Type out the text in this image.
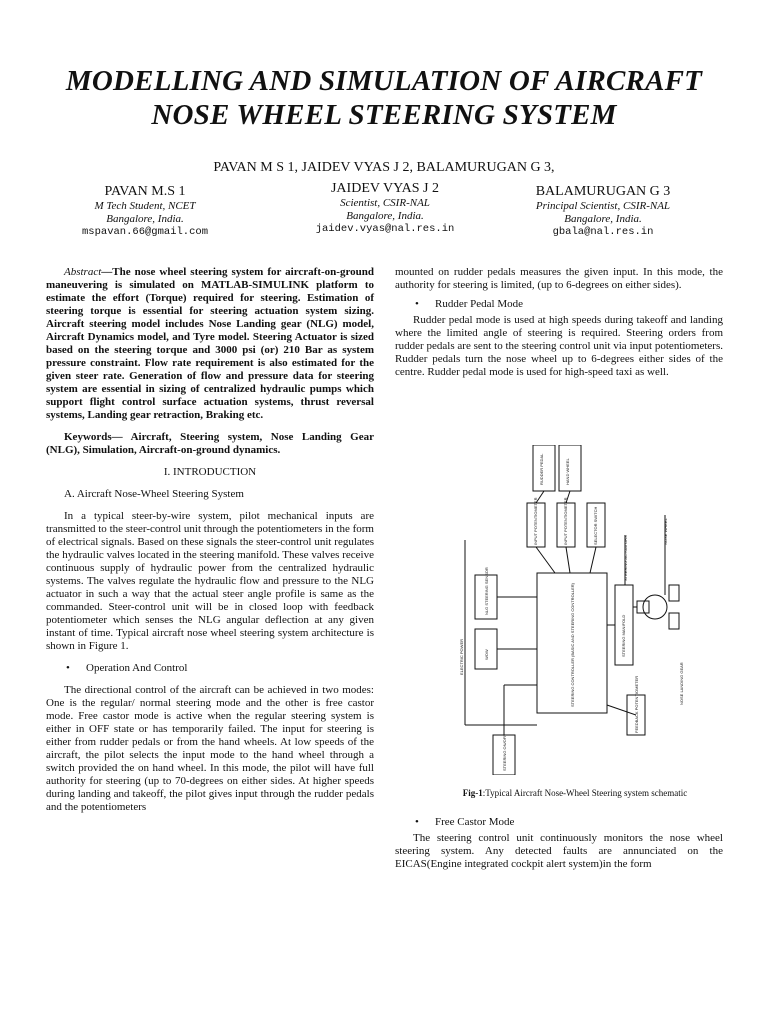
MODELLING AND SIMULATION OF AIRCRAFT
NOSE WHEEL STEERING SYSTEM
PAVAN M S 1, JAIDEV VYAS J 2, BALAMURUGAN G 3,
PAVAN M.S 1
M Tech Student, NCET
Bangalore, India.
mspavan.66@gmail.com
JAIDEV VYAS J 2
Scientist, CSIR-NAL
Bangalore, India.
jaidev.vyas@nal.res.in
BALAMURUGAN G 3
Principal Scientist, CSIR-NAL
Bangalore, India.
gbala@nal.res.in

Abstract—The nose wheel steering system for aircraft-on-ground maneuvering is simulated on MATLAB-SIMULINK platform to estimate the effort (Torque) required for steering. Estimation of steering torque is essential for steering actuation system sizing. Aircraft steering model includes Nose Landing gear (NLG) model, Aircraft Dynamics model, and Tyre model. Steering Actuator is sized based on the steering torque and 3000 psi (or) 210 Bar as system pressure constraint. Flow rate requirement is also estimated for the given steer rate. Generation of flow and pressure data for steering system are essential in sizing of centralized hydraulic pumps which support flight control surface actuation systems, thrust reversal systems, Landing gear retraction, Braking etc.

Keywords— Aircraft, Steering system, Nose Landing Gear (NLG), Simulation, Aircraft-on-ground dynamics.

I. INTRODUCTION

A. Aircraft Nose-Wheel Steering System

In a typical steer-by-wire system, pilot mechanical inputs are transmitted to the steer-control unit through the potentiometers in the form of electrical signals. Based on these signals the steer-control unit regulates the hydraulic valves located in the steering manifold. These valves receive continuous supply of hydraulic power from the centralized hydraulic systems. The valves regulate the hydraulic flow and pressure to the NLG actuator in such a way that the actual steer angle profile is same as the commanded. Steer-control unit will be in closed loop with feedback potentiometer which senses the NLG angular deflection at any given instant of time. Typical aircraft nose wheel steering system architecture is shown in Figure 1.

• Operation And Control

The directional control of the aircraft can be achieved in two modes: One is the regular/ normal steering mode and the other is free castor mode. Free castor mode is active when the regular steering system is either in OFF state or has temporarily failed. The input for steering is either from rudder pedals or from the hand wheels. At low speeds of the aircraft, the pilot selects the input mode to the hand wheel through a switch provided the on hand wheel. In this mode, the pilot will have full authority for steering (up to 70-degrees on either sides. At higher speeds during landing and takeoff, the pilot gives input through the rudder pedals and the potentiometers

mounted on rudder pedals measures the given input. In this mode, the authority for steering is limited, (up to 6-degrees on either sides).

• Rudder Pedal Mode

Rudder pedal mode is used at high speeds during takeoff and landing where the limited angle of steering is required. Steering orders from rudder pedals are sent to the steering control unit via input potentiometers. Rudder pedals turn the nose wheel up to 6-degrees either sides of the centre. Rudder pedal mode is used for high-speed taxi as well.

RUDDER PEDAL	HAND WHEEL
INPUT POTENTIOMETER	INPUT POTENTIOMETER	SELECTOR SWITCH
STEERING CONTROLLER (BASIC AND STEERING CONTROLLER)	STEERING MANIFOLD
WOW
NLG STEERING SENSOR
ELECTRIC POWER
STEERING ON/OFF
FEEDBACK POTENTIOMETER
STEERING ACTUATORS
NOSE WHEEL
NOSE LANDING GEAR
Fig-1:Typical Aircraft Nose-Wheel Steering system schematic

• Free Castor Mode

The steering control unit continuously monitors the nose wheel steering system. Any detected faults are annunciated on the EICAS(Engine integrated cockpit alert system)in the form
